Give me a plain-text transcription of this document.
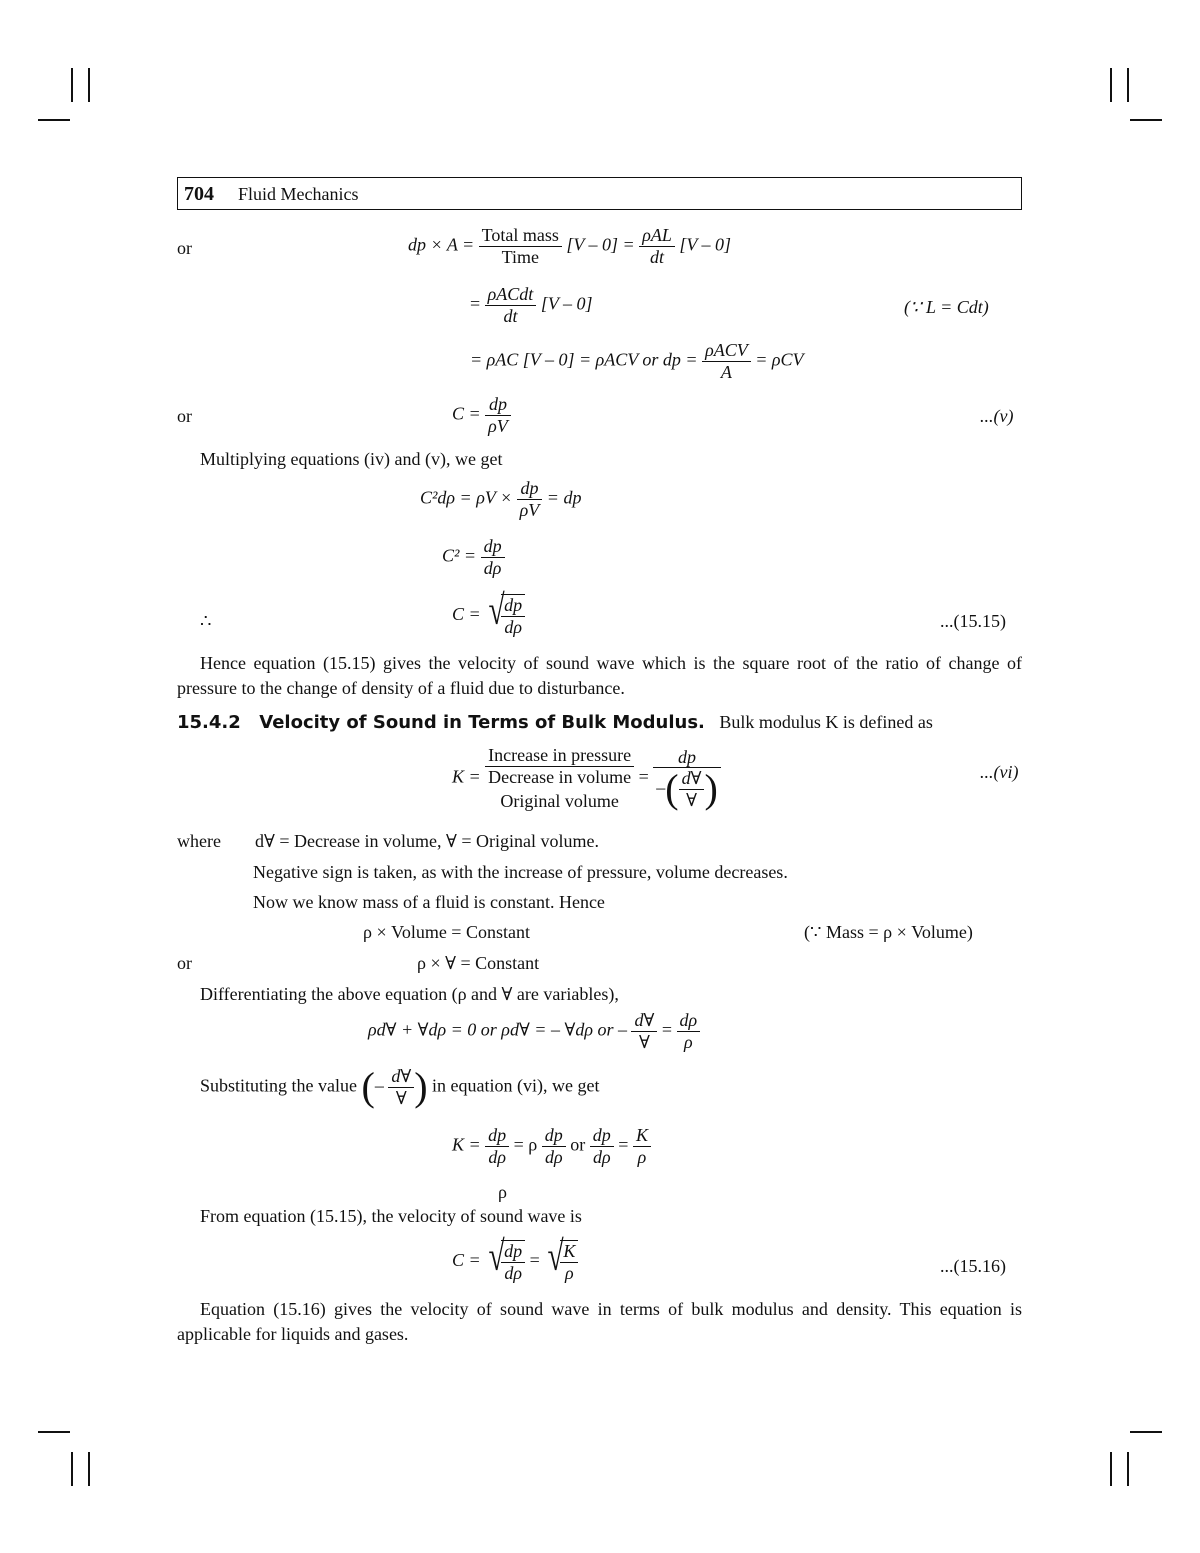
704 Fluid Mechanics
or	dp × $A = \frac{\text{Total mass}}{\text{Time}} [V - 0] = \frac{\text{ρAL}}{dt} [V - 0]$
= $\frac{\text{ρACdt}}{dt} [V - 0]$	(∵ L = Cdt)
= ρAC [V – 0] = ρACV or dp = $\frac{\text{ρACV}}{A} = \rho CV$
or	$C = \frac{dp}{\rho V}$	...(v)
Multiplying equations (iv) and (v), we get
$C^2d\rho = \rho V \times \frac{dp}{\rho V}$ = dp
$C^2 = \frac{dp}{d\rho}$
∴	C = √
$\frac{dp}{d\rho}$	...(15.15)
Hence equation (15.15) gives the velocity of sound wave which is the square root of the ratio of change of pressure to the change of density of a fluid due to disturbance.
15.4.2 Velocity of Sound in Terms of Bulk Modulus. Bulk modulus K is defined as
K =
Increase in pressure
Decrease in volume
Original volume
= $\frac{dp}{-( \frac{d\forall}{\forall} )}$	...(vi)
where d∀ = Decrease in volume, ∀ = Original volume.
Negative sign is taken, as with the increase of pressure, volume decreases.
Now we know mass of a fluid is constant. Hence
ρ × Volume = Constant	(∵ Mass = ρ × Volume)
or	ρ × ∀ = Constant
Differentiating the above equation (ρ and ∀ are variables),
ρd∀ + ∀dρ = 0 or ρd∀ = – ∀dρ or – $\frac{d\forall}{\forall} = \frac{d\rho}{\rho}$
Substituting the value (– $\frac{d\forall}{\forall}$ ) in equation (vi), we get
$K = \frac{dp}{d\rho} = \rho \frac{dp}{d\rho}$ or $\frac{dp}{d\rho} = \frac{K}{\rho}$
ρ
From equation (15.15), the velocity of sound wave is
C = √
$\frac{dp}{d\rho}$ = √
$\frac{K}{\rho}$	...(15.16)
Equation (15.16) gives the velocity of sound wave in terms of bulk modulus and density. This equation is applicable for liquids and gases.
